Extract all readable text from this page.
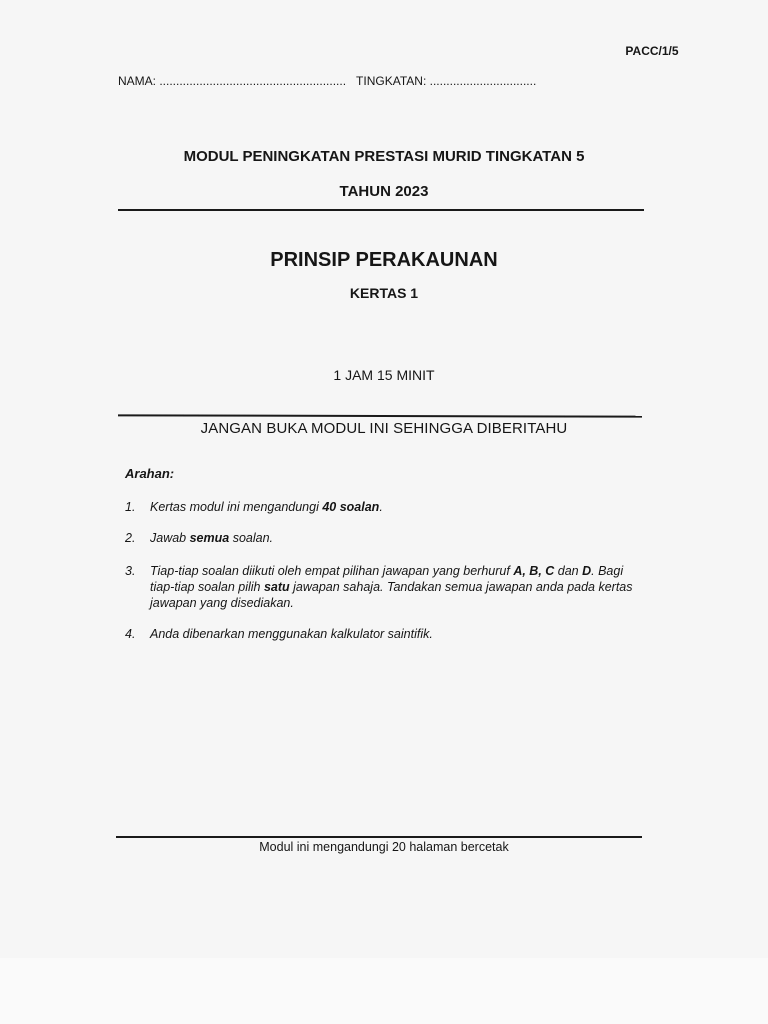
PACC/1/5
NAMA: ........................................................ TINGKATAN: ................................
MODUL PENINGKATAN PRESTASI MURID TINGKATAN 5
TAHUN 2023
PRINSIP PERAKAUNAN
KERTAS 1
1 JAM 15 MINIT
JANGAN BUKA MODUL INI SEHINGGA DIBERITAHU
Arahan:
1. Kertas modul ini mengandungi 40 soalan.
2. Jawab semua soalan.
3. Tiap-tiap soalan diikuti oleh empat pilihan jawapan yang berhuruf A, B, C dan D. Bagi tiap-tiap soalan pilih satu jawapan sahaja. Tandakan semua jawapan anda pada kertas jawapan yang disediakan.
4. Anda dibenarkan menggunakan kalkulator saintifik.
Modul ini mengandungi 20 halaman bercetak
